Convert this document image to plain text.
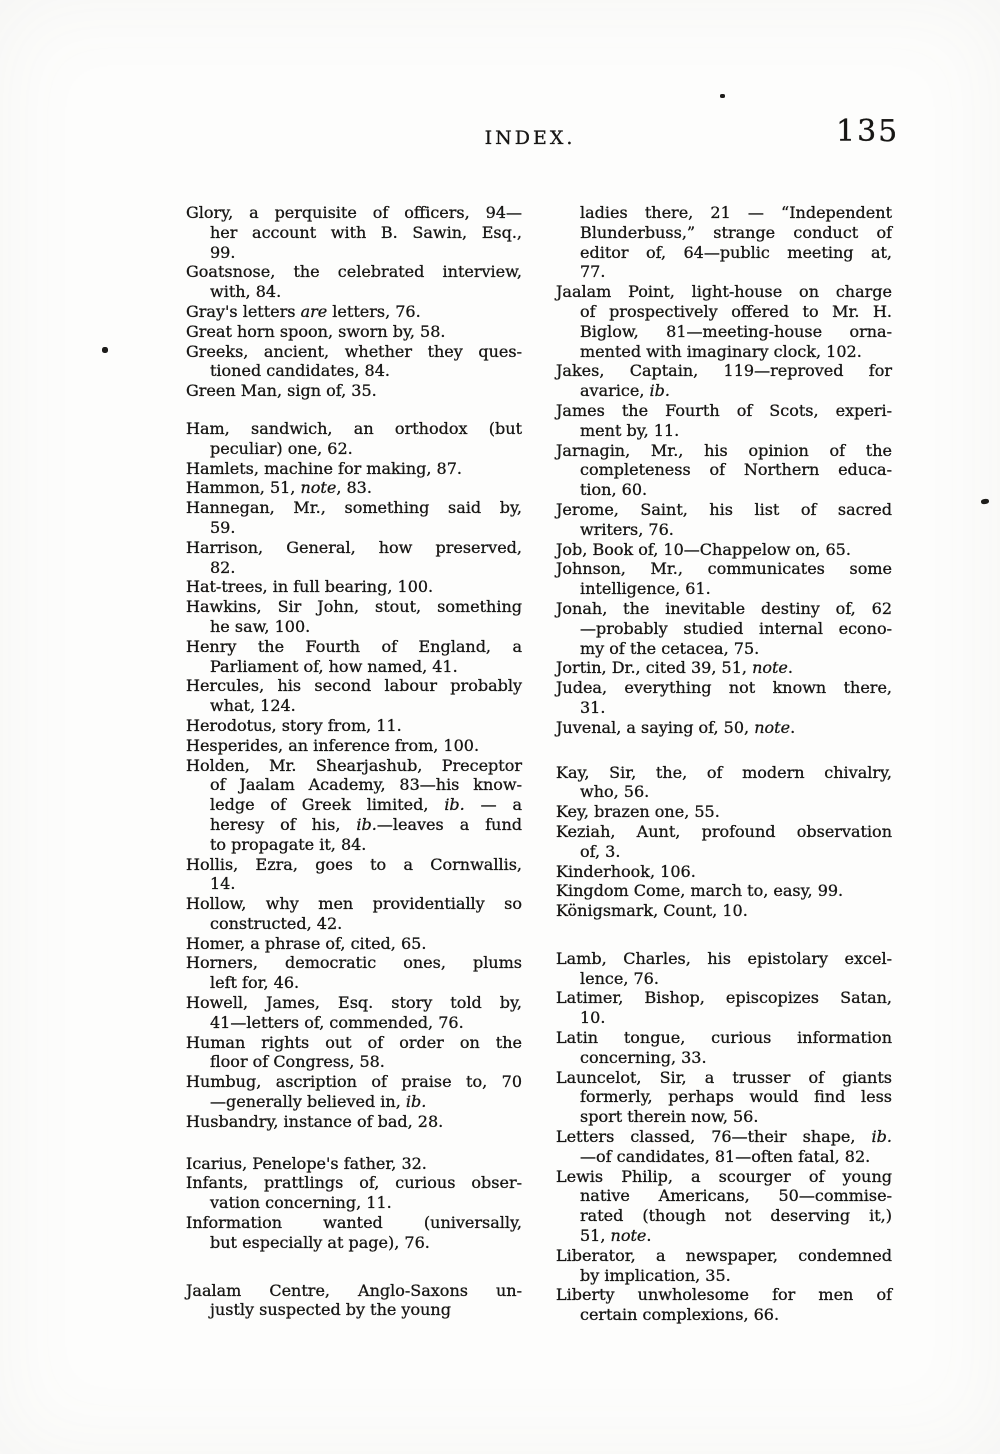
INDEX.	135
Glory, a perquisite of officers, 94—
her account with B. Sawin, Esq.,
99.
Goatsnose, the celebrated interview,
with, 84.
Gray's letters are letters, 76.
Great horn spoon, sworn by, 58.
Greeks, ancient, whether they ques-
tioned candidates, 84.
Green Man, sign of, 35.
Ham, sandwich, an orthodox (but
peculiar) one, 62.
Hamlets, machine for making, 87.
Hammon, 51, note, 83.
Hannegan, Mr., something said by,
59.
Harrison, General, how preserved,
82.
Hat-trees, in full bearing, 100.
Hawkins, Sir John, stout, something
he saw, 100.
Henry the Fourth of England, a
Parliament of, how named, 41.
Hercules, his second labour probably
what, 124.
Herodotus, story from, 11.
Hesperides, an inference from, 100.
Holden, Mr. Shearjashub, Preceptor
of Jaalam Academy, 83—his know-
ledge of Greek limited, ib. — a
heresy of his, ib.—leaves a fund
to propagate it, 84.
Hollis, Ezra, goes to a Cornwallis,
14.
Hollow, why men providentially so
constructed, 42.
Homer, a phrase of, cited, 65.
Horners, democratic ones, plums
left for, 46.
Howell, James, Esq. story told by,
41—letters of, commended, 76.
Human rights out of order on the
floor of Congress, 58.
Humbug, ascription of praise to, 70
—generally believed in, ib.
Husbandry, instance of bad, 28.
Icarius, Penelope's father, 32.
Infants, prattlings of, curious obser-
vation concerning, 11.
Information wanted (universally,
but especially at page), 76.
Jaalam Centre, Anglo-Saxons un-
justly suspected by the young
ladies there, 21 — “Independent
Blunderbuss,” strange conduct of
editor of, 64—public meeting at,
77.
Jaalam Point, light-house on charge
of prospectively offered to Mr. H.
Biglow, 81—meeting-house orna-
mented with imaginary clock, 102.
Jakes, Captain, 119—reproved for
avarice, ib.
James the Fourth of Scots, experi-
ment by, 11.
Jarnagin, Mr., his opinion of the
completeness of Northern educa-
tion, 60.
Jerome, Saint, his list of sacred
writers, 76.
Job, Book of, 10—Chappelow on, 65.
Johnson, Mr., communicates some
intelligence, 61.
Jonah, the inevitable destiny of, 62
—probably studied internal econo-
my of the cetacea, 75.
Jortin, Dr., cited 39, 51, note.
Judea, everything not known there,
31.
Juvenal, a saying of, 50, note.
Kay, Sir, the, of modern chivalry,
who, 56.
Key, brazen one, 55.
Keziah, Aunt, profound observation
of, 3.
Kinderhook, 106.
Kingdom Come, march to, easy, 99.
Königsmark, Count, 10.
Lamb, Charles, his epistolary excel-
lence, 76.
Latimer, Bishop, episcopizes Satan,
10.
Latin tongue, curious information
concerning, 33.
Launcelot, Sir, a trusser of giants
formerly, perhaps would find less
sport therein now, 56.
Letters classed, 76—their shape, ib.
—of candidates, 81—often fatal, 82.
Lewis Philip, a scourger of young
native Americans, 50—commise-
rated (though not deserving it,)
51, note.
Liberator, a newspaper, condemned
by implication, 35.
Liberty unwholesome for men of
certain complexions, 66.
